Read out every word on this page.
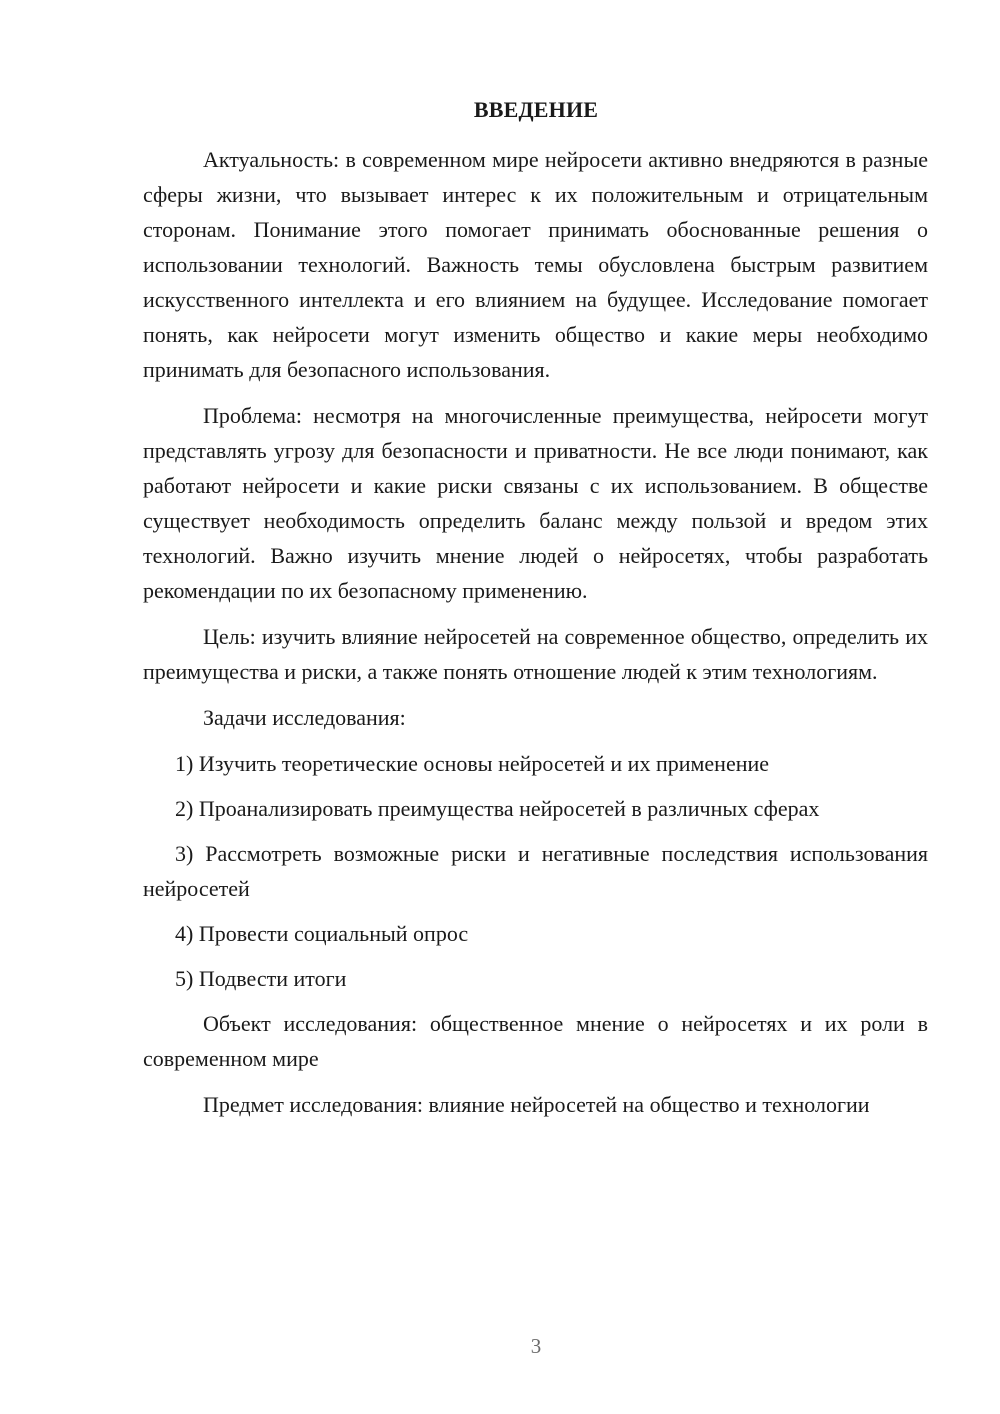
ВВЕДЕНИЕ

Актуальность: в современном мире нейросети активно внедряются в разные сферы жизни, что вызывает интерес к их положительным и отрицательным сторонам. Понимание этого помогает принимать обоснованные решения о использовании технологий. Важность темы обусловлена быстрым развитием искусственного интеллекта и его влиянием на будущее. Исследование помогает понять, как нейросети могут изменить общество и какие меры необходимо принимать для безопасного использования.

Проблема: несмотря на многочисленные преимущества, нейросети могут представлять угрозу для безопасности и приватности. Не все люди понимают, как работают нейросети и какие риски связаны с их использованием. В обществе существует необходимость определить баланс между пользой и вредом этих технологий. Важно изучить мнение людей о нейросетях, чтобы разработать рекомендации по их безопасному применению.

Цель: изучить влияние нейросетей на современное общество, определить их преимущества и риски, а также понять отношение людей к этим технологиям.

Задачи исследования:

1) Изучить теоретические основы нейросетей и их применение

2) Проанализировать преимущества нейросетей в различных сферах

3) Рассмотреть возможные риски и негативные последствия использования нейросетей

4) Провести социальный опрос

5) Подвести итоги

Объект исследования: общественное мнение о нейросетях и их роли в современном мире

Предмет исследования: влияние нейросетей на общество и технологии

3
